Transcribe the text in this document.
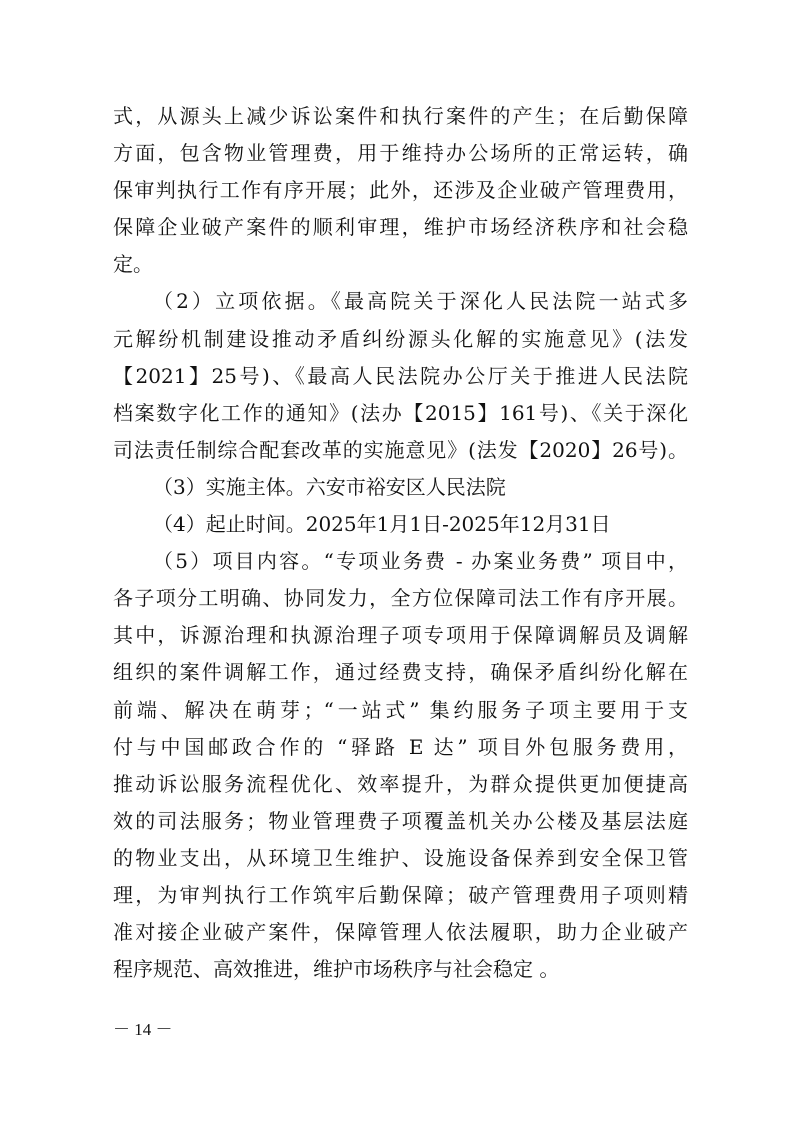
式，从源头上减少诉讼案件和执行案件的产生；在后勤保障
方面，包含物业管理费，用于维持办公场所的正常运转，确
保审判执行工作有序开展；此外，还涉及企业破产管理费用，
保障企业破产案件的顺利审理，维护市场经济秩序和社会稳
定。
（2）立项依据。《最高院关于深化人民法院一站式多
元解纷机制建设推动矛盾纠纷源头化解的实施意见》(法发
【2021】25号)、《最高人民法院办公厅关于推进人民法院
档案数字化工作的通知》(法办【2015】161号)、《关于深化
司法责任制综合配套改革的实施意见》(法发【2020】26号)。
（3）实施主体。六安市裕安区人民法院
（4）起止时间。2025年1月1日-2025年12月31日
（5）项目内容。“专项业务费 - 办案业务费” 项目中，
各子项分工明确、协同发力，全方位保障司法工作有序开展。
其中，诉源治理和执源治理子项专项用于保障调解员及调解
组织的案件调解工作，通过经费支持，确保矛盾纠纷化解在
前端、解决在萌芽；“一站式” 集约服务子项主要用于支
付与中国邮政合作的 “驿路 E 达” 项目外包服务费用，
推动诉讼服务流程优化、效率提升，为群众提供更加便捷高
效的司法服务；物业管理费子项覆盖机关办公楼及基层法庭
的物业支出，从环境卫生维护、设施设备保养到安全保卫管
理，为审判执行工作筑牢后勤保障；破产管理费用子项则精
准对接企业破产案件，保障管理人依法履职，助力企业破产
程序规范、高效推进，维护市场秩序与社会稳定 。
－ 14 －
